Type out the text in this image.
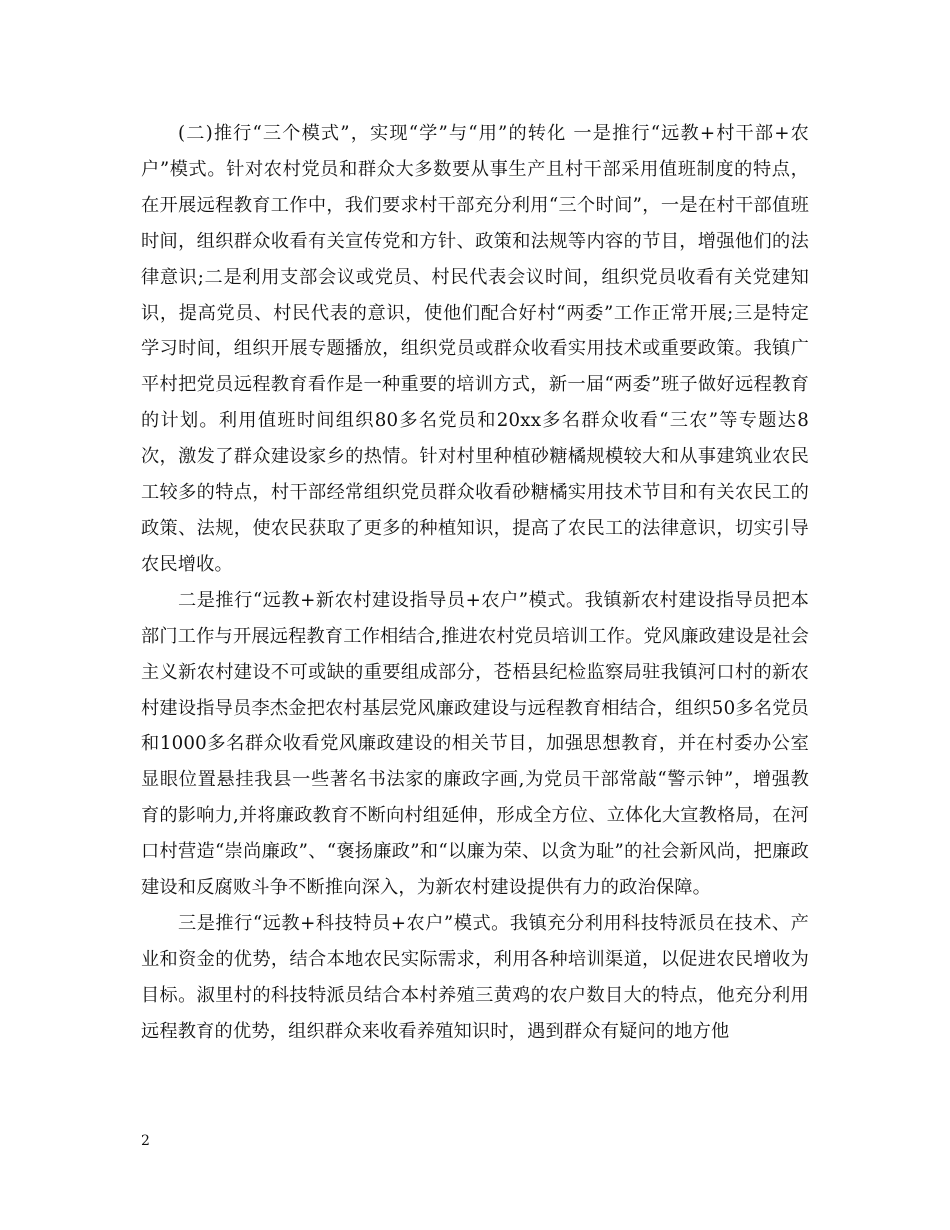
(二)推行“三个模式”，实现“学”与“用”的转化 一是推行“远教+村干部+农户”模式。针对农村党员和群众大多数要从事生产且村干部采用值班制度的特点，在开展远程教育工作中，我们要求村干部充分利用“三个时间”，一是在村干部值班时间，组织群众收看有关宣传党和方针、政策和法规等内容的节目，增强他们的法律意识;二是利用支部会议或党员、村民代表会议时间，组织党员收看有关党建知识，提高党员、村民代表的意识，使他们配合好村“两委”工作正常开展;三是特定学习时间，组织开展专题播放，组织党员或群众收看实用技术或重要政策。我镇广平村把党员远程教育看作是一种重要的培训方式，新一届“两委”班子做好远程教育的计划。利用值班时间组织80多名党员和20xx多名群众收看“三农”等专题达8次，激发了群众建设家乡的热情。针对村里种植砂糖橘规模较大和从事建筑业农民工较多的特点，村干部经常组织党员群众收看砂糖橘实用技术节目和有关农民工的政策、法规，使农民获取了更多的种植知识，提高了农民工的法律意识，切实引导农民增收。

二是推行“远教+新农村建设指导员+农户”模式。我镇新农村建设指导员把本部门工作与开展远程教育工作相结合,推进农村党员培训工作。党风廉政建设是社会主义新农村建设不可或缺的重要组成部分，苍梧县纪检监察局驻我镇河口村的新农村建设指导员李杰金把农村基层党风廉政建设与远程教育相结合，组织50多名党员和1000多名群众收看党风廉政建设的相关节目，加强思想教育，并在村委办公室显眼位置悬挂我县一些著名书法家的廉政字画,为党员干部常敲“警示钟”，增强教育的影响力,并将廉政教育不断向村组延伸，形成全方位、立体化大宣教格局，在河口村营造“崇尚廉政”、“褒扬廉政”和“以廉为荣、以贪为耻”的社会新风尚，把廉政建设和反腐败斗争不断推向深入，为新农村建设提供有力的政治保障。

三是推行“远教+科技特员+农户”模式。我镇充分利用科技特派员在技术、产业和资金的优势，结合本地农民实际需求，利用各种培训渠道，以促进农民增收为目标。淑里村的科技特派员结合本村养殖三黄鸡的农户数目大的特点，他充分利用远程教育的优势，组织群众来收看养殖知识时，遇到群众有疑问的地方他

2
